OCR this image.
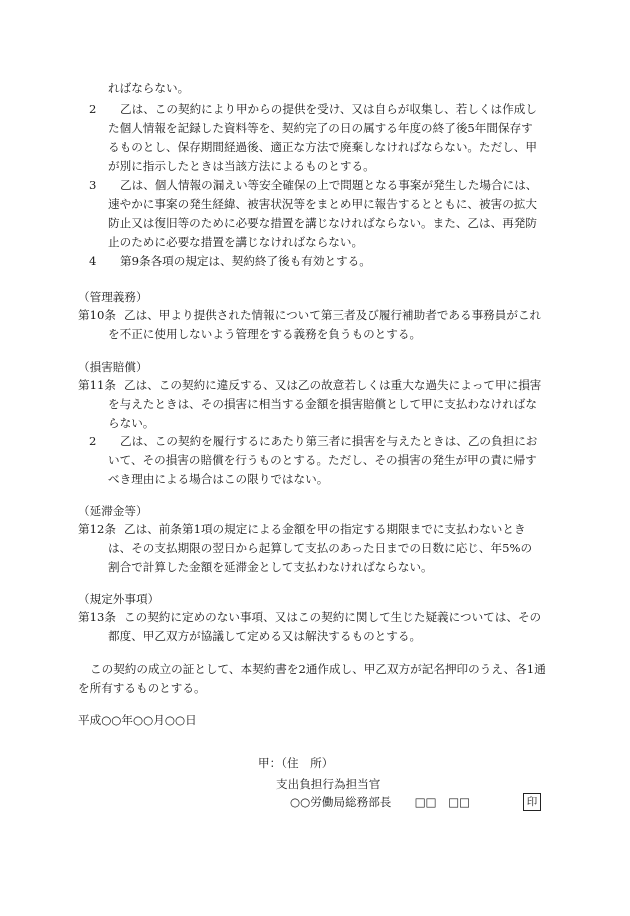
ればならない。
2 乙は、この契約により甲からの提供を受け、又は自らが収集し、若しくは作成し
た個人情報を記録した資料等を、契約完了の日の属する年度の終了後5年間保存す
るものとし、保存期間経過後、適正な方法で廃棄しなければならない。ただし、甲
が別に指示したときは当該方法によるものとする。
3 乙は、個人情報の漏えい等安全確保の上で問題となる事案が発生した場合には、
速やかに事案の発生経緯、被害状況等をまとめ甲に報告するとともに、被害の拡大
防止又は復旧等のために必要な措置を講じなければならない。また、乙は、再発防
止のために必要な措置を講じなければならない。
4 第9条各項の規定は、契約終了後も有効とする。
（管理義務）
第10条 乙は、甲より提供された情報について第三者及び履行補助者である事務員がこれ
を不正に使用しないよう管理をする義務を負うものとする。
（損害賠償）
第11条 乙は、この契約に違反する、又は乙の故意若しくは重大な過失によって甲に損害
を与えたときは、その損害に相当する金額を損害賠償として甲に支払わなければな
らない。
2 乙は、この契約を履行するにあたり第三者に損害を与えたときは、乙の負担にお
いて、その損害の賠償を行うものとする。ただし、その損害の発生が甲の責に帰す
べき理由による場合はこの限りではない。
（延滞金等）
第12条 乙は、前条第1項の規定による金額を甲の指定する期限までに支払わないとき
は、その支払期限の翌日から起算して支払のあった日までの日数に応じ、年5%の
割合で計算した金額を延滞金として支払わなければならない。
（規定外事項）
第13条 この契約に定めのない事項、又はこの契約に関して生じた疑義については、その
都度、甲乙双方が協議して定める又は解決するものとする。
この契約の成立の証として、本契約書を2通作成し、甲乙双方が記名押印のうえ、各1通
を所有するものとする。
平成○○年○○月○○日
甲：（住　所）
支出負担行為担当官
○○労働局総務部長　　□□　□□	印
